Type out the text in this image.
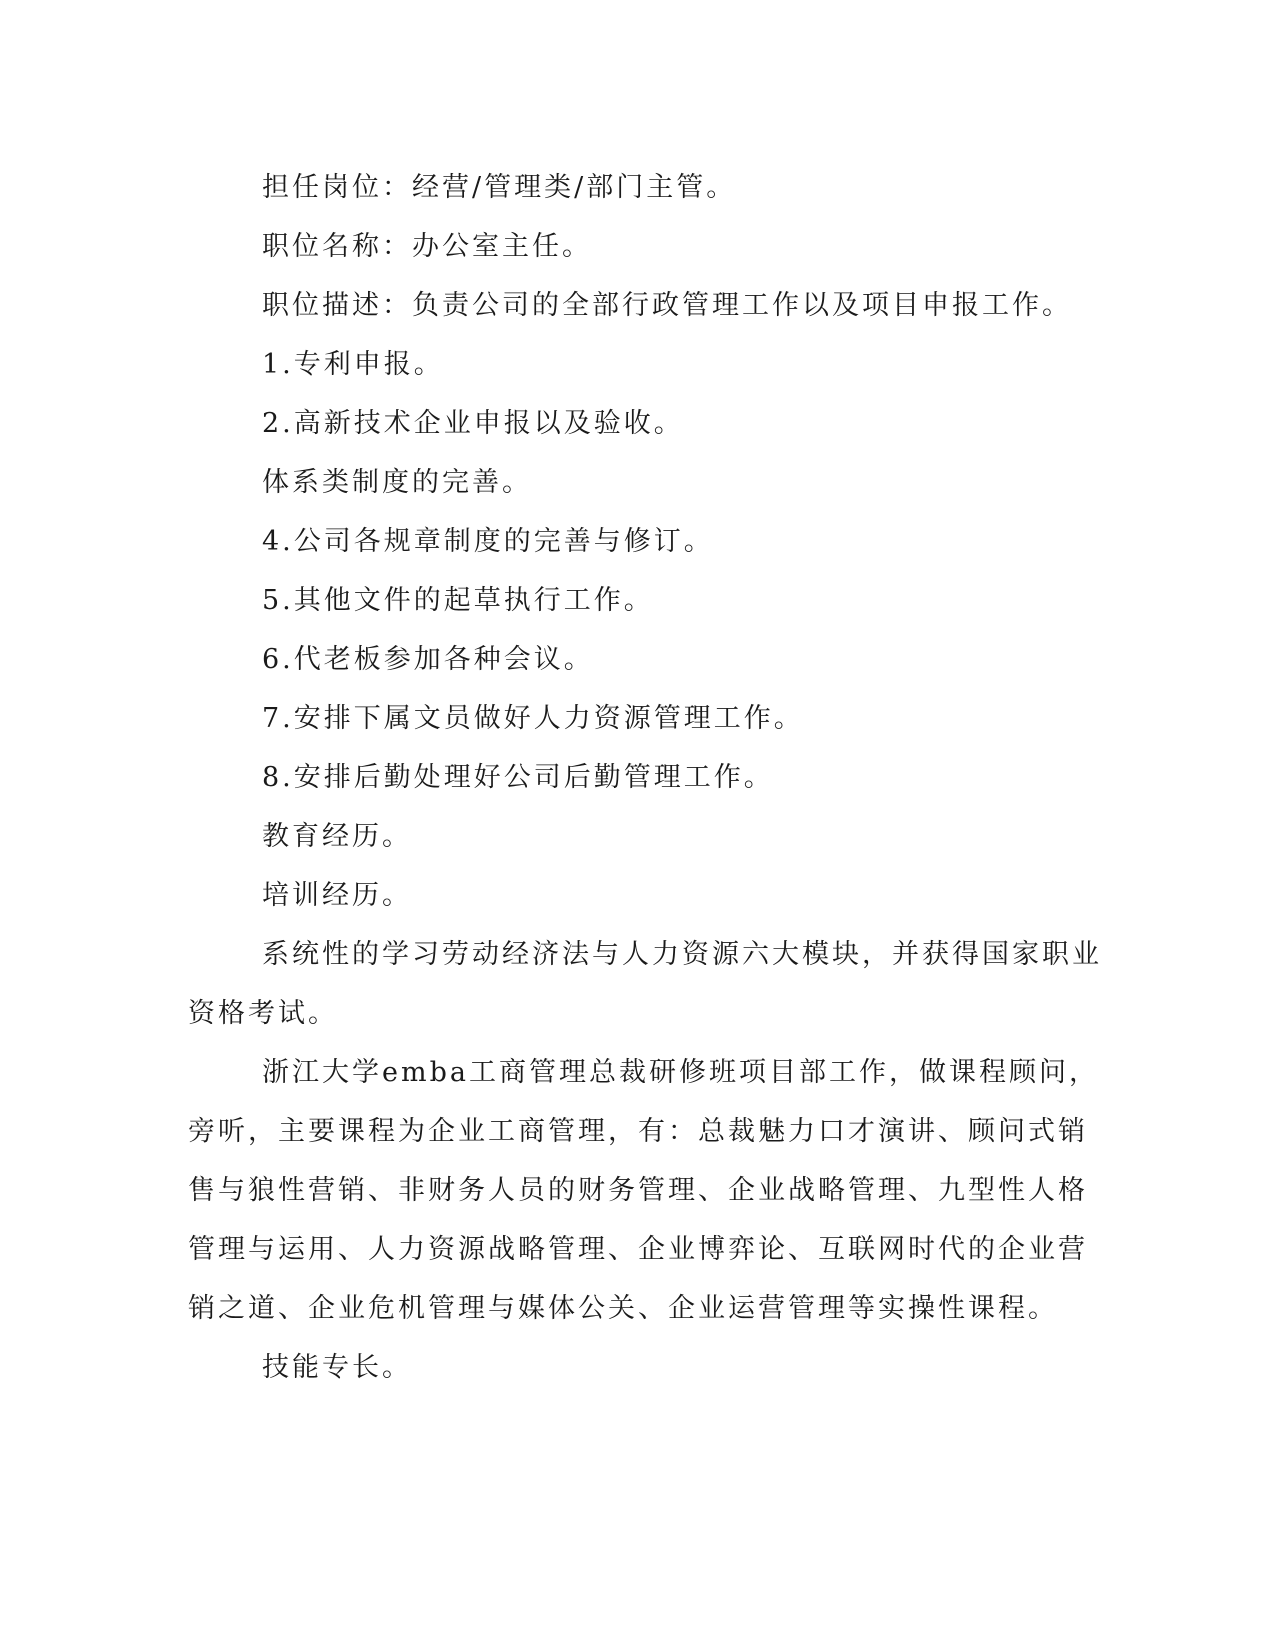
担任岗位：经营/管理类/部门主管。

职位名称：办公室主任。

职位描述：负责公司的全部行政管理工作以及项目申报工作。

1.专利申报。

2.高新技术企业申报以及验收。

体系类制度的完善。

4.公司各规章制度的完善与修订。

5.其他文件的起草执行工作。

6.代老板参加各种会议。

7.安排下属文员做好人力资源管理工作。

8.安排后勤处理好公司后勤管理工作。

教育经历。

培训经历。

系统性的学习劳动经济法与人力资源六大模块，并获得国家职业

资格考试。

浙江大学emba工商管理总裁研修班项目部工作，做课程顾问，

旁听，主要课程为企业工商管理，有：总裁魅力口才演讲、顾问式销

售与狼性营销、非财务人员的财务管理、企业战略管理、九型性人格

管理与运用、人力资源战略管理、企业博弈论、互联网时代的企业营

销之道、企业危机管理与媒体公关、企业运营管理等实操性课程。

技能专长。
